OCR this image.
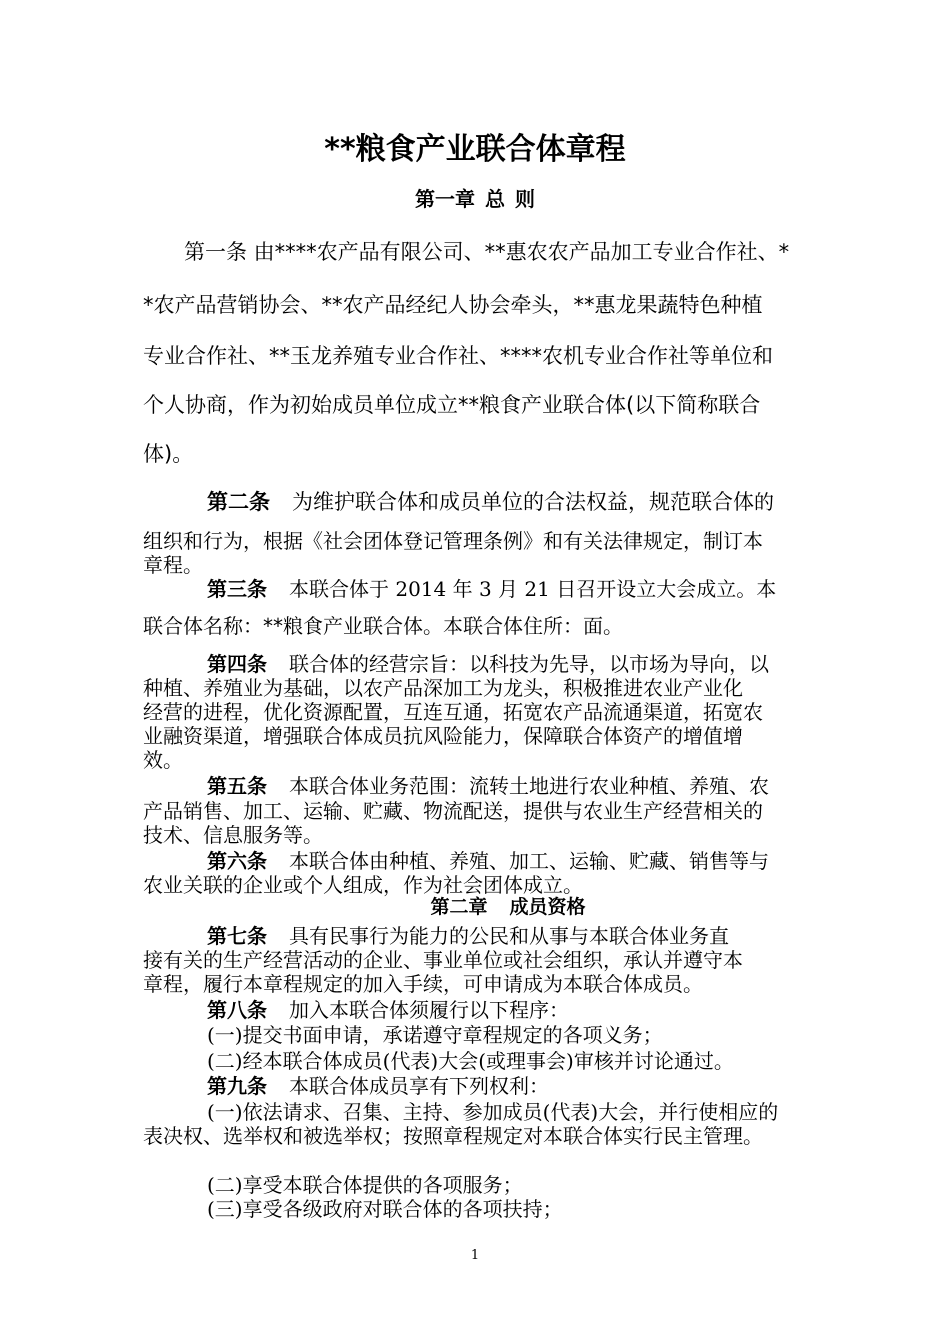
**粮食产业联合体章程
第一章 总 则
第一条 由****农产品有限公司、**惠农农产品加工专业合作社、*
*农产品营销协会、**农产品经纪人协会牵头，**惠龙果蔬特色种植
专业合作社、**玉龙养殖专业合作社、****农机专业合作社等单位和
个人协商，作为初始成员单位成立**粮食产业联合体(以下简称联合
体)。
第二条 为维护联合体和成员单位的合法权益，规范联合体的
组织和行为，根据《社会团体登记管理条例》和有关法律规定，制订本
章程。
第三条 本联合体于 2014 年 3 月 21 日召开设立大会成立。本
联合体名称：**粮食产业联合体。本联合体住所：面。
第四条 联合体的经营宗旨：以科技为先导，以市场为导向，以
种植、养殖业为基础，以农产品深加工为龙头，积极推进农业产业化
经营的进程，优化资源配置，互连互通，拓宽农产品流通渠道，拓宽农
业融资渠道，增强联合体成员抗风险能力，保障联合体资产的增值增
效。
第五条 本联合体业务范围：流转土地进行农业种植、养殖、农
产品销售、加工、运输、贮藏、物流配送，提供与农业生产经营相关的
技术、信息服务等。
第六条 本联合体由种植、养殖、加工、运输、贮藏、销售等与
农业关联的企业或个人组成，作为社会团体成立。
第二章 成员资格
第七条 具有民事行为能力的公民和从事与本联合体业务直
接有关的生产经营活动的企业、事业单位或社会组织，承认并遵守本
章程，履行本章程规定的加入手续，可申请成为本联合体成员。
第八条 加入本联合体须履行以下程序：
(一)提交书面申请，承诺遵守章程规定的各项义务；
(二)经本联合体成员(代表)大会(或理事会)审核并讨论通过。
第九条 本联合体成员享有下列权利：
(一)依法请求、召集、主持、参加成员(代表)大会，并行使相应的
表决权、选举权和被选举权；按照章程规定对本联合体实行民主管理。
(二)享受本联合体提供的各项服务；
(三)享受各级政府对联合体的各项扶持；
1
